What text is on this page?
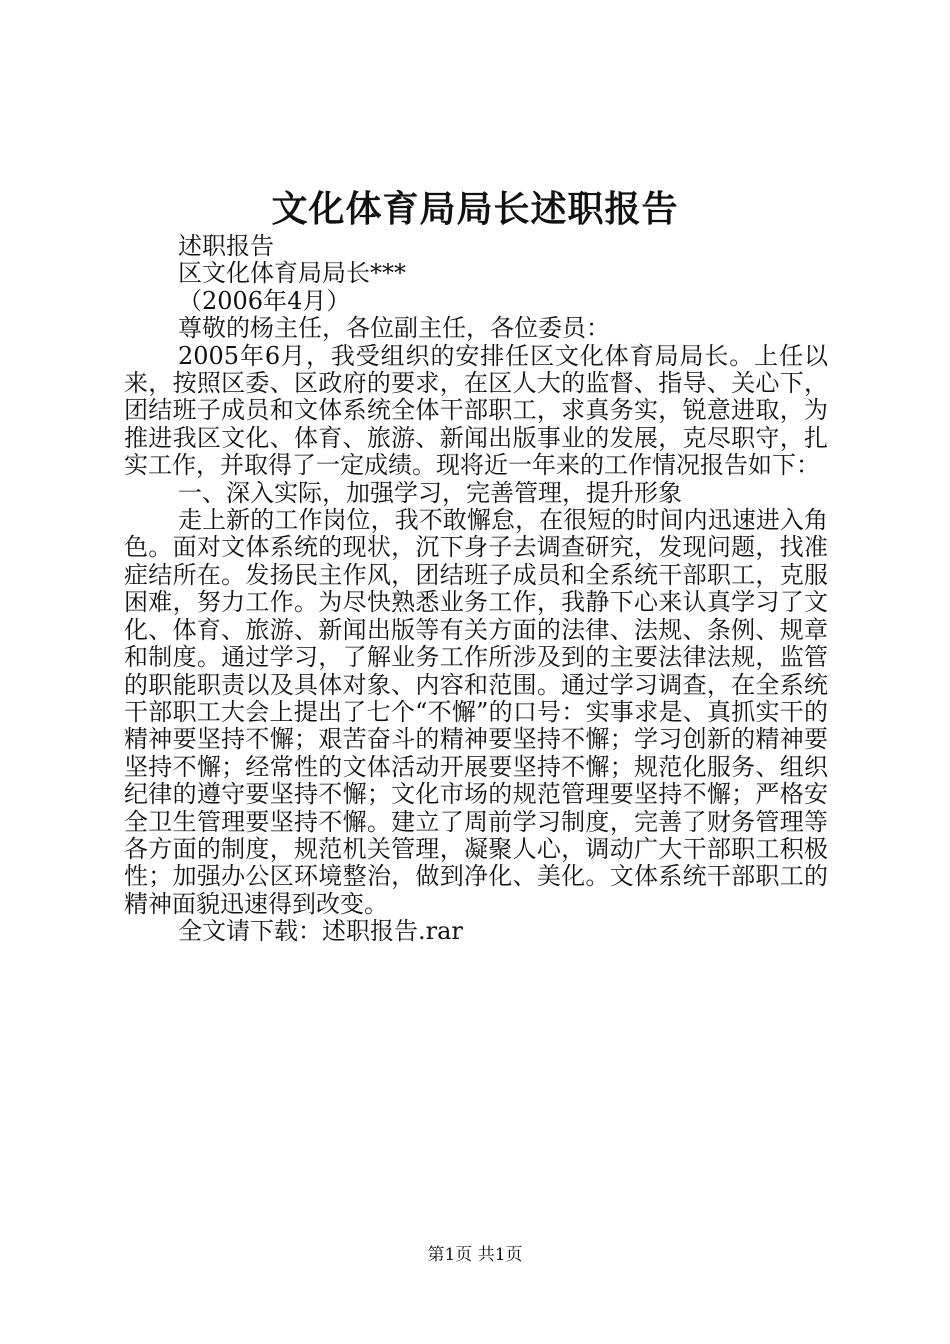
文化体育局局长述职报告

述职报告

区文化体育局局长***

（2006年4月）

尊敬的杨主任，各位副主任，各位委员：

2005年6月，我受组织的安排任区文化体育局局长。上任以来，按照区委、区政府的要求，在区人大的监督、指导、关心下，团结班子成员和文体系统全体干部职工，求真务实，锐意进取，为推进我区文化、体育、旅游、新闻出版事业的发展，克尽职守，扎实工作，并取得了一定成绩。现将近一年来的工作情况报告如下：

一、深入实际，加强学习，完善管理，提升形象

走上新的工作岗位，我不敢懈怠，在很短的时间内迅速进入角色。面对文体系统的现状，沉下身子去调查研究，发现问题，找准症结所在。发扬民主作风，团结班子成员和全系统干部职工，克服困难，努力工作。为尽快熟悉业务工作，我静下心来认真学习了文化、体育、旅游、新闻出版等有关方面的法律、法规、条例、规章和制度。通过学习，了解业务工作所涉及到的主要法律法规，监管的职能职责以及具体对象、内容和范围。通过学习调查，在全系统干部职工大会上提出了七个“不懈”的口号：实事求是、真抓实干的精神要坚持不懈；艰苦奋斗的精神要坚持不懈；学习创新的精神要坚持不懈；经常性的文体活动开展要坚持不懈；规范化服务、组织纪律的遵守要坚持不懈；文化市场的规范管理要坚持不懈；严格安全卫生管理要坚持不懈。建立了周前学习制度，完善了财务管理等各方面的制度，规范机关管理，凝聚人心，调动广大干部职工积极性；加强办公区环境整治，做到净化、美化。文体系统干部职工的精神面貌迅速得到改变。

全文请下载：述职报告.rar

第1页 共1页
